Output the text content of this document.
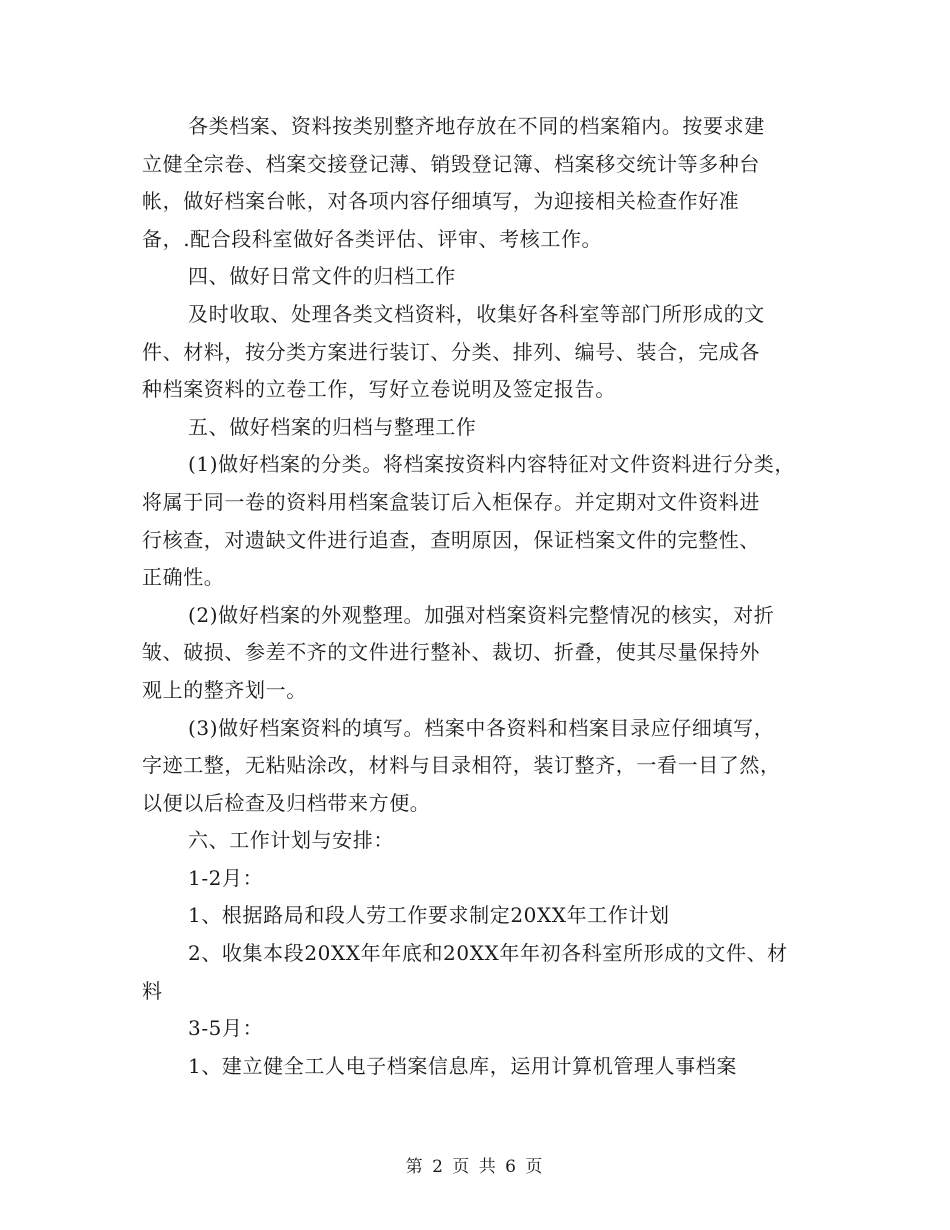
各类档案、资料按类别整齐地存放在不同的档案箱内。按要求建
立健全宗卷、档案交接登记薄、销毁登记簿、档案移交统计等多种台
帐，做好档案台帐，对各项内容仔细填写，为迎接相关检查作好准
备，.配合段科室做好各类评估、评审、考核工作。
四、做好日常文件的归档工作
及时收取、处理各类文档资料，收集好各科室等部门所形成的文
件、材料，按分类方案进行装订、分类、排列、编号、装合，完成各
种档案资料的立卷工作，写好立卷说明及签定报告。
五、做好档案的归档与整理工作
(1)做好档案的分类。将档案按资料内容特征对文件资料进行分类，
将属于同一卷的资料用档案盒装订后入柜保存。并定期对文件资料进
行核查，对遗缺文件进行追查，查明原因，保证档案文件的完整性、
正确性。
(2)做好档案的外观整理。加强对档案资料完整情况的核实，对折
皱、破损、参差不齐的文件进行整补、裁切、折叠，使其尽量保持外
观上的整齐划一。
(3)做好档案资料的填写。档案中各资料和档案目录应仔细填写，
字迹工整，无粘贴涂改，材料与目录相符，装订整齐，一看一目了然，
以便以后检查及归档带来方便。
六、工作计划与安排：
1-2月：
1、根据路局和段人劳工作要求制定20XX年工作计划
2、收集本段20XX年年底和20XX年年初各科室所形成的文件、材
料
3-5月：
1、建立健全工人电子档案信息库，运用计算机管理人事档案
第 2 页 共 6 页
